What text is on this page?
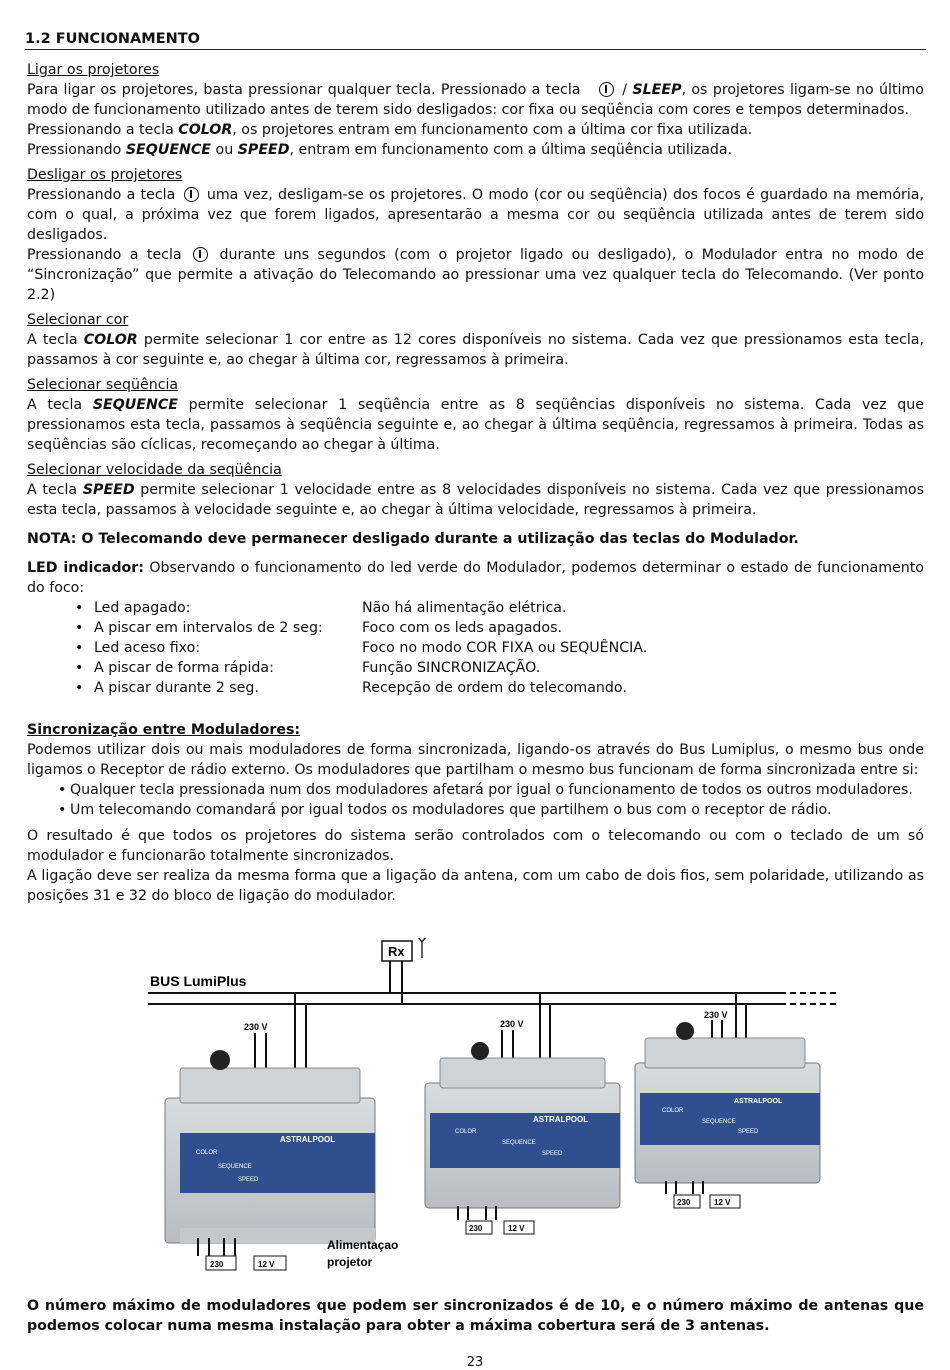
1.2 FUNCIONAMENTO

Ligar os projetores

Para ligar os projetores, basta pressionar qualquer tecla. Pressionado a tecla	/ SLEEP, os projetores ligam-se no último modo de funcionamento utilizado antes de terem sido desligados: cor fixa ou seqüência com cores e tempos determinados.

Pressionando a tecla COLOR, os projetores entram em funcionamento com a última cor fixa utilizada.

Pressionando SEQUENCE ou SPEED, entram em funcionamento com a última seqüência utilizada.

Desligar os projetores

Pressionando a tecla uma vez, desligam-se os projetores. O modo (cor ou seqüência) dos focos é guardado na memória, com o qual, a próxima vez que forem ligados, apresentarão a mesma cor ou seqüência utilizada antes de terem sido desligados.

Pressionando a tecla	durante uns segundos (com o projetor ligado ou desligado), o Modulador entra no modo de “Sincronização” que permite a ativação do Telecomando ao pressionar uma vez qualquer tecla do Telecomando. (Ver ponto 2.2)

Selecionar cor

A tecla COLOR permite selecionar 1 cor entre as 12 cores disponíveis no sistema. Cada vez que pressionamos esta tecla, passamos à cor seguinte e, ao chegar à última cor, regressamos à primeira.

Selecionar seqüência

A tecla SEQUENCE permite selecionar 1 seqüência entre as 8 seqüências disponíveis no sistema. Cada vez que pressionamos esta tecla, passamos à seqüência seguinte e, ao chegar à última seqüência, regressamos à primeira. Todas as seqüências são cíclicas, recomeçando ao chegar à última.

Selecionar velocidade da seqüência

A tecla SPEED permite selecionar 1 velocidade entre as 8 velocidades disponíveis no sistema. Cada vez que pressionamos esta tecla, passamos à velocidade seguinte e, ao chegar à última velocidade, regressamos à primeira.

NOTA: O Telecomando deve permanecer desligado durante a utilização das teclas do Modulador.

LED indicador: Observando o funcionamento do led verde do Modulador, podemos determinar o estado de funcionamento do foco:

• Led apagado:	Não há alimentação elétrica.
• A piscar em intervalos de 2 seg:	Foco com os leds apagados.
• Led aceso fixo:	Foco no modo COR FIXA ou SEQUÊNCIA.
• A piscar de forma rápida:	Função SINCRONIZAÇÃO.
• A piscar durante 2 seg.	Recepção de ordem do telecomando.

Sincronização entre Moduladores:

Podemos utilizar dois ou mais moduladores de forma sincronizada, ligando-os através do Bus Lumiplus, o mesmo bus onde ligamos o Receptor de rádio externo. Os moduladores que partilham o mesmo bus funcionam de forma sincronizada entre si:

• Qualquer tecla pressionada num dos moduladores afetará por igual o funcionamento de todos os outros moduladores.
• Um telecomando comandará por igual todos os moduladores que partilhem o bus com o receptor de rádio.

O resultado é que todos os projetores do sistema serão controlados com o telecomando ou com o teclado de um só modulador e funcionarão totalmente sincronizados.

A ligação deve ser realiza da mesma forma que a ligação da antena, com um cabo de dois fios, sem polaridade, utilizando as posições 31 e 32 do bloco de ligação do modulador.

BUS LumiPlus
Rx
230 V	230 V
230 V
ASTRALPOOL
COLOR
SEQUENCE
SPEED
230	12 V
Alimentaçao
projetor
ASTRALPOOL
COLOR
SEQUENCE
SPEED
230	12 V
ASTRALPOOL
COLOR
SEQUENCE
SPEED
230	12 V

O número máximo de moduladores que podem ser sincronizados é de 10, e o número máximo de antenas que podemos colocar numa mesma instalação para obter a máxima cobertura será de 3 antenas.

23
